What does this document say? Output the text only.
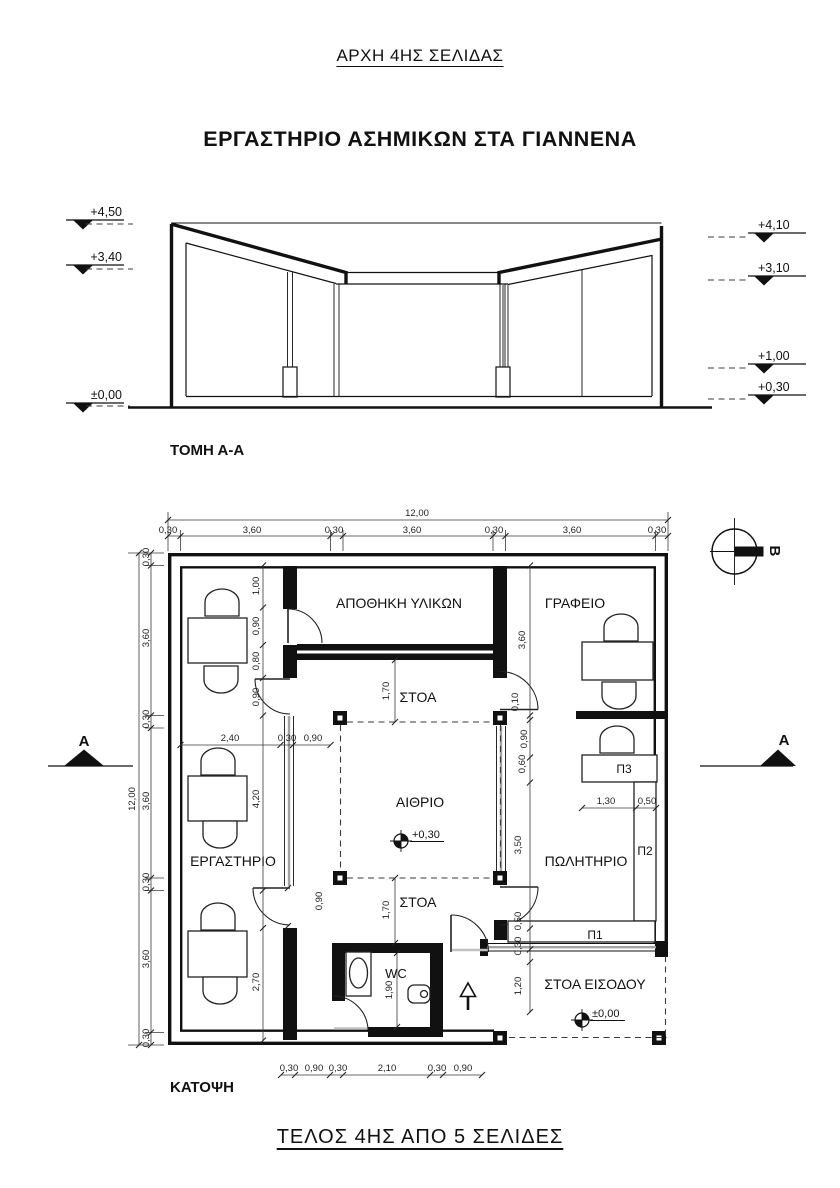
ΑΡΧΗ 4ΗΣ ΣΕΛΙΔΑΣ
ΕΡΓΑΣΤΗΡΙΟ ΑΣΗΜΙΚΩΝ ΣΤΑ ΓΙΑΝΝΕΝΑ
ΤΕΛΟΣ 4ΗΣ ΑΠΟ 5 ΣΕΛΙΔΕΣ
+4,50
+3,40
±0,00
+4,10
+3,10
+1,00
+0,30
ΤΟΜΗ Α-Α
+0,30
±0,00
ΑΠΟΘΗΚΗ ΥΛΙΚΩΝ	ΓΡΑΦΕΙΟ
ΣΤΟΑ
ΑΙΘΡΙΟ
ΕΡΓΑΣΤΗΡΙΟ	ΠΩΛΗΤΗΡΙΟ
ΣΤΟΑ
WC
ΣΤΟΑ ΕΙΣΟΔΟΥ
Π3
Π2
Π1
12,00
0,30	3,60	0,30	3,60	0,30	3,60	0,30
12,00
0,30
3,60
0,30
3,60
0,30
3,60
0,30
1,00
0,90
0,80
0,90
4,20
0,90
2,70
2,40	0,30 0,90
1,70
1,70
1,90
3,60
0,10
0,90
0,60
3,50
0,50
0,30
1,20
1,30 0,50
0,30 0,90 0,30	2,10	0,30 0,90
Α	Α
Β
ΚΑΤΟΨΗ
